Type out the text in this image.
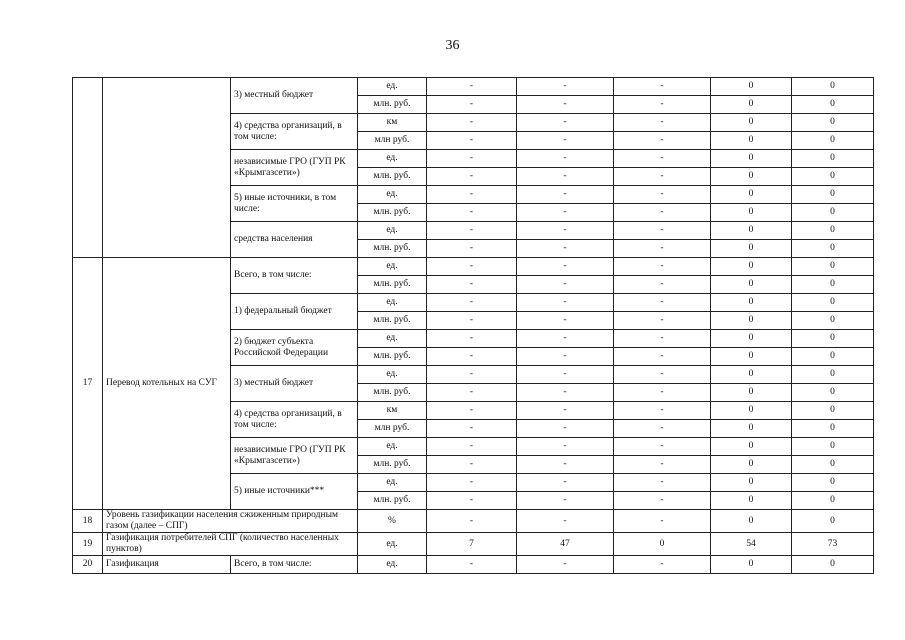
36
		3) местный бюджет	ед.	-	-	-	0	0
			млн. руб.	-	-	-	0	0
		4) средства организаций, в том числе:	км	-	-	-	0	0
			млн руб.	-	-	-	0	0
		независимые ГРО (ГУП РК «Крымгазсети»)	ед.	-	-	-	0	0
			млн. руб.	-	-	-	0	0
		5) иные источники, в том числе:	ед.	-	-	-	0	0
			млн. руб.	-	-	-	0	0
		средства населения	ед.	-	-	-	0	0
			млн. руб.	-	-	-	0	0
17	Перевод котельных на СУГ	Всего, в том числе:	ед.	-	-	-	0	0
			млн. руб.	-	-	-	0	0
		1) федеральный бюджет	ед.	-	-	-	0	0
			млн. руб.	-	-	-	0	0
		2) бюджет субъекта Российской Федерации	ед.	-	-	-	0	0
			млн. руб.	-	-	-	0	0
		3) местный бюджет	ед.	-	-	-	0	0
			млн. руб.	-	-	-	0	0
		4) средства организаций, в том числе:	км	-	-	-	0	0
			млн руб.	-	-	-	0	0
		независимые ГРО (ГУП РК «Крымгазсети»)	ед.	-	-	-	0	0
			млн. руб.	-	-	-	0	0
		5) иные источники***	ед.	-	-	-	0	0
			млн. руб.	-	-	-	0	0
18	Уровень газификации населения сжиженным природным газом (далее – СПГ)		%	-	-	-	0	0
19	Газификация потребителей СПГ (количество населенных пунктов)		ед.	7	47	0	54	73
20	Газификация	Всего, в том числе:	ед.	-	-	-	0	0
